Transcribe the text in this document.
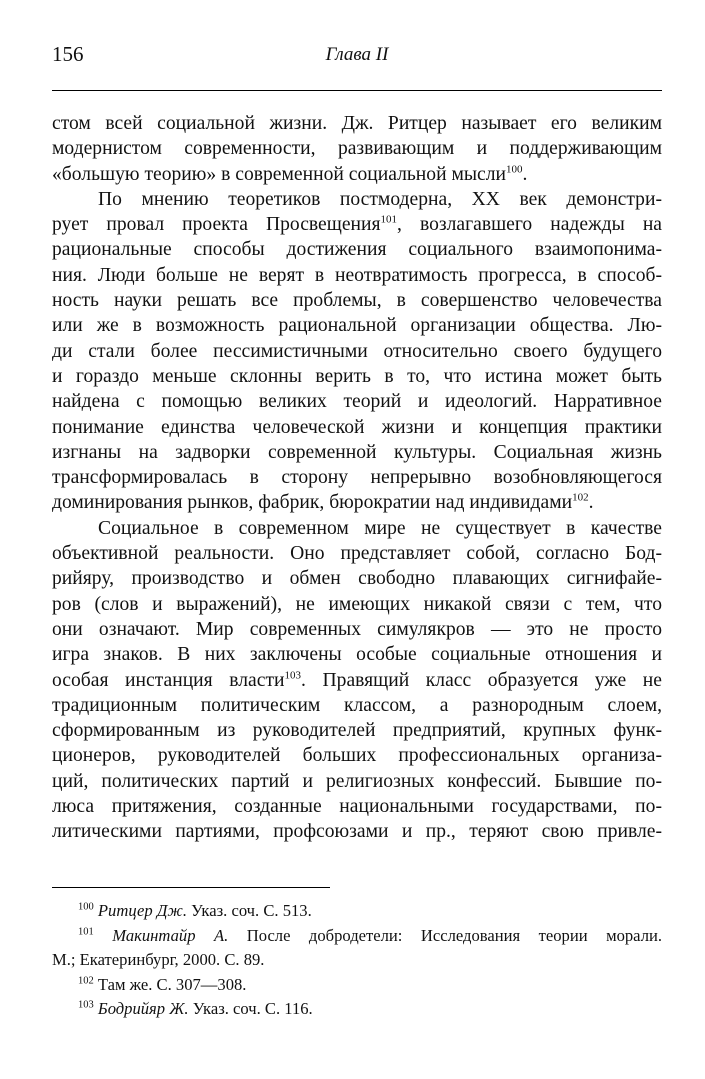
156	Глава II
стом всей социальной жизни. Дж. Ритцер называет его великим
модернистом современности, развивающим и поддерживающим
«большую теорию» в современной социальной мысли$^{100}$.
По мнению теоретиков постмодерна, XX век демонстри-
рует провал проекта Просвещения$^{101}$, возлагавшего надежды на
рациональные способы достижения социального взаимопонима-
ния. Люди больше не верят в неотвратимость прогресса, в способ-
ность науки решать все проблемы, в совершенство человечества
или же в возможность рациональной организации общества. Лю-
ди стали более пессимистичными относительно своего будущего
и гораздо меньше склонны верить в то, что истина может быть
найдена с помощью великих теорий и идеологий. Нарративное
понимание единства человеческой жизни и концепция практики
изгнаны на задворки современной культуры. Социальная жизнь
трансформировалась в сторону непрерывно возобновляющегося
доминирования рынков, фабрик, бюрократии над индивидами$^{102}$.
Социальное в современном мире не существует в качестве
объективной реальности. Оно представляет собой, согласно Бод-
рийяру, производство и обмен свободно плавающих сигнифайе-
ров (слов и выражений), не имеющих никакой связи с тем, что
они означают. Мир современных симулякров — это не просто
игра знаков. В них заключены особые социальные отношения и
особая инстанция власти$^{103}$. Правящий класс образуется уже не
традиционным политическим классом, а разнородным слоем,
сформированным из руководителей предприятий, крупных функ-
ционеров, руководителей больших профессиональных организа-
ций, политических партий и религиозных конфессий. Бывшие по-
люса притяжения, созданные национальными государствами, по-
литическими партиями, профсоюзами и пр., теряют свою привле-
$^{100}$ Ритцер Дж. Указ. соч. С. 513.
$^{101}$ Макинтайр А. После добродетели: Исследования теории морали.
М.; Екатеринбург, 2000. С. 89.
$^{102}$ Там же. С. 307—308.
$^{103}$ Бодрийяр Ж. Указ. соч. С. 116.
